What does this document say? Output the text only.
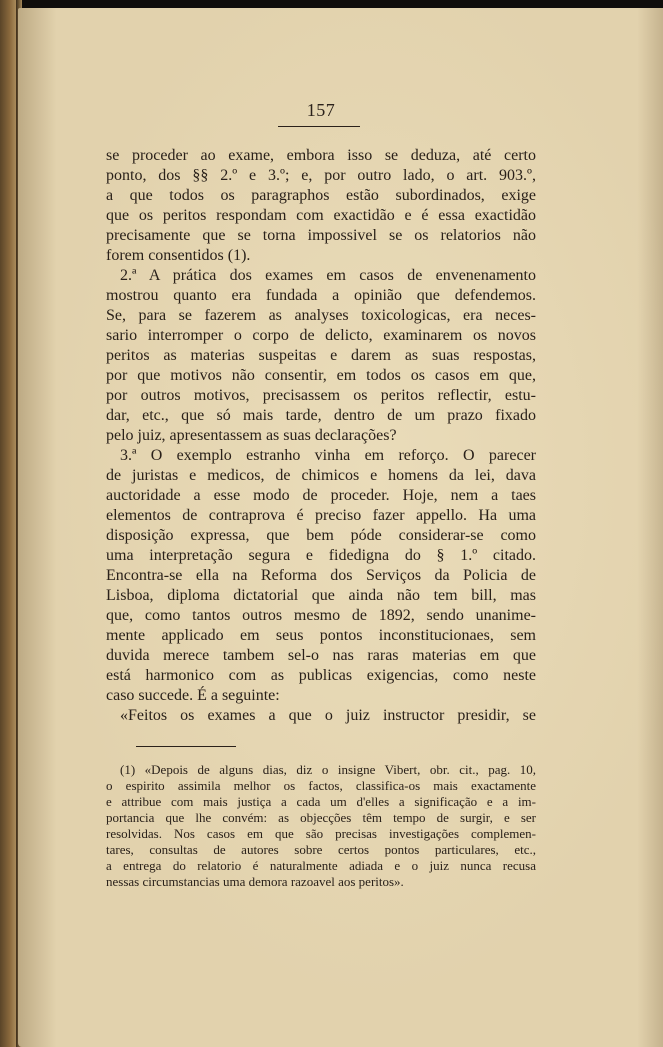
157
se proceder ao exame, embora isso se deduza, até certo
ponto, dos §§ 2.º e 3.º; e, por outro lado, o art. 903.º,
a que todos os paragraphos estão subordinados, exige
que os peritos respondam com exactidão e é essa exactidão
precisamente que se torna impossivel se os relatorios não
forem consentidos (1).
2.ª A prática dos exames em casos de envenenamento
mostrou quanto era fundada a opinião que defendemos.
Se, para se fazerem as analyses toxicologicas, era neces-
sario interromper o corpo de delicto, examinarem os novos
peritos as materias suspeitas e darem as suas respostas,
por que motivos não consentir, em todos os casos em que,
por outros motivos, precisassem os peritos reflectir, estu-
dar, etc., que só mais tarde, dentro de um prazo fixado
pelo juiz, apresentassem as suas declarações?
3.ª O exemplo estranho vinha em reforço. O parecer
de juristas e medicos, de chimicos e homens da lei, dava
auctoridade a esse modo de proceder. Hoje, nem a taes
elementos de contraprova é preciso fazer appello. Ha uma
disposição expressa, que bem póde considerar-se como
uma interpretação segura e fidedigna do § 1.º citado.
Encontra-se ella na Reforma dos Serviços da Policia de
Lisboa, diploma dictatorial que ainda não tem bill, mas
que, como tantos outros mesmo de 1892, sendo unanime-
mente applicado em seus pontos inconstitucionaes, sem
duvida merece tambem sel-o nas raras materias em que
está harmonico com as publicas exigencias, como neste
caso succede. É a seguinte:
«Feitos os exames a que o juiz instructor presidir, se
(1) «Depois de alguns dias, diz o insigne Vibert, obr. cit., pag. 10,
o espirito assimila melhor os factos, classifica-os mais exactamente
e attribue com mais justiça a cada um d'elles a significação e a im-
portancia que lhe convém: as objecções têm tempo de surgir, e ser
resolvidas. Nos casos em que são precisas investigações complemen-
tares, consultas de autores sobre certos pontos particulares, etc.,
a entrega do relatorio é naturalmente adiada e o juiz nunca recusa
nessas circumstancias uma demora razoavel aos peritos».
